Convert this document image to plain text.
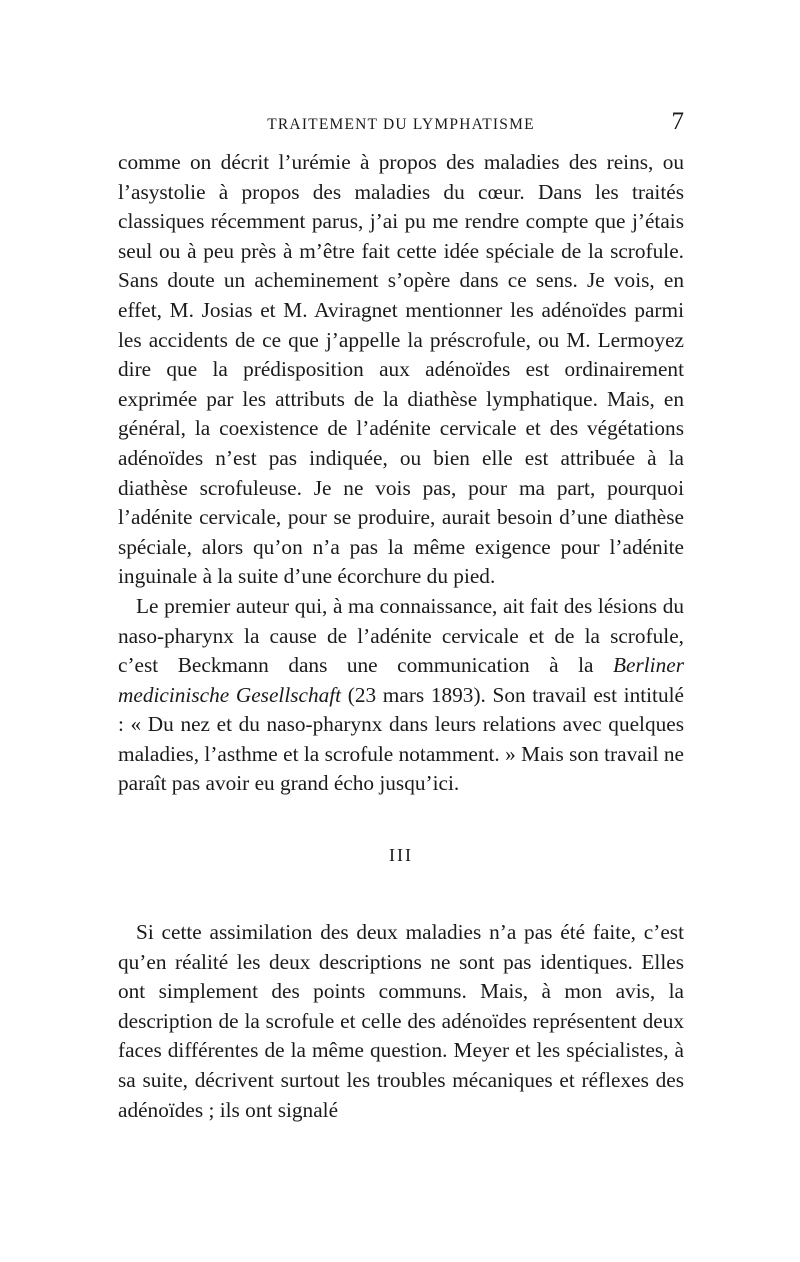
TRAITEMENT DU LYMPHATISME	7

comme on décrit l’urémie à propos des maladies des reins, ou l’asystolie à propos des maladies du cœur. Dans les traités classiques récemment parus, j’ai pu me rendre compte que j’étais seul ou à peu près à m’être fait cette idée spéciale de la scrofule. Sans doute un acheminement s’opère dans ce sens. Je vois, en effet, M. Josias et M. Aviragnet mentionner les adénoïdes parmi les accidents de ce que j’appelle la préscrofule, ou M. Lermoyez dire que la prédisposition aux adénoïdes est ordinairement exprimée par les attributs de la diathèse lymphatique. Mais, en général, la coexistence de l’adénite cervicale et des végétations adénoïdes n’est pas indiquée, ou bien elle est attribuée à la diathèse scrofuleuse. Je ne vois pas, pour ma part, pourquoi l’adénite cervicale, pour se produire, aurait besoin d’une diathèse spéciale, alors qu’on n’a pas la même exigence pour l’adénite inguinale à la suite d’une écorchure du pied.

Le premier auteur qui, à ma connaissance, ait fait des lésions du naso-pharynx la cause de l’adénite cervicale et de la scrofule, c’est Beckmann dans une communication à la Berliner medicinische Gesellschaft (23 mars 1893). Son travail est intitulé : « Du nez et du naso-pharynx dans leurs relations avec quelques maladies, l’asthme et la scrofule notamment. » Mais son travail ne paraît pas avoir eu grand écho jusqu’ici.

III

Si cette assimilation des deux maladies n’a pas été faite, c’est qu’en réalité les deux descriptions ne sont pas identiques. Elles ont simplement des points communs. Mais, à mon avis, la description de la scrofule et celle des adénoïdes représentent deux faces différentes de la même question. Meyer et les spécialistes, à sa suite, décrivent surtout les troubles mécaniques et réflexes des adénoïdes ; ils ont signalé
